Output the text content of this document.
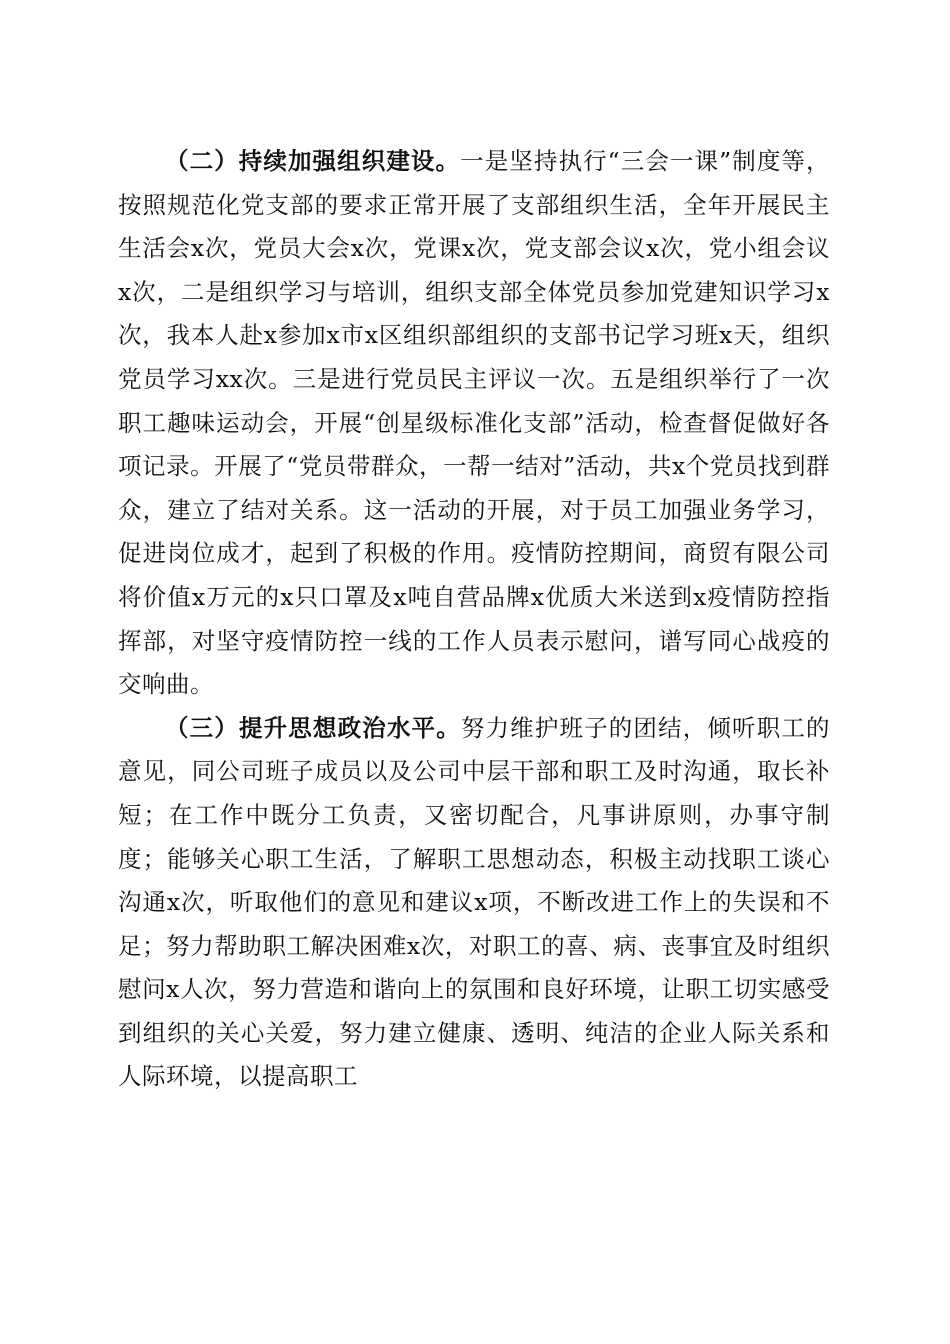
（二）持续加强组织建设。一是坚持执行“三会一课”制度等，按照规范化党支部的要求正常开展了支部组织生活，全年开展民主生活会x次，党员大会x次，党课x次，党支部会议x次，党小组会议x次，二是组织学习与培训，组织支部全体党员参加党建知识学习x次，我本人赴x参加x市x区组织部组织的支部书记学习班x天，组织党员学习xx次。三是进行党员民主评议一次。五是组织举行了一次职工趣味运动会，开展“创星级标准化支部”活动，检查督促做好各项记录。开展了“党员带群众，一帮一结对”活动，共x个党员找到群众，建立了结对关系。这一活动的开展，对于员工加强业务学习，促进岗位成才，起到了积极的作用。疫情防控期间，商贸有限公司将价值x万元的x只口罩及x吨自营品牌x优质大米送到x疫情防控指挥部，对坚守疫情防控一线的工作人员表示慰问，谱写同心战疫的交响曲。

（三）提升思想政治水平。努力维护班子的团结，倾听职工的意见，同公司班子成员以及公司中层干部和职工及时沟通，取长补短；在工作中既分工负责，又密切配合，凡事讲原则，办事守制度；能够关心职工生活，了解职工思想动态，积极主动找职工谈心沟通x次，听取他们的意见和建议x项，不断改进工作上的失误和不足；努力帮助职工解决困难x次，对职工的喜、病、丧事宜及时组织慰问x人次，努力营造和谐向上的氛围和良好环境，让职工切实感受到组织的关心关爱，努力建立健康、透明、纯洁的企业人际关系和人际环境，以提高职工
